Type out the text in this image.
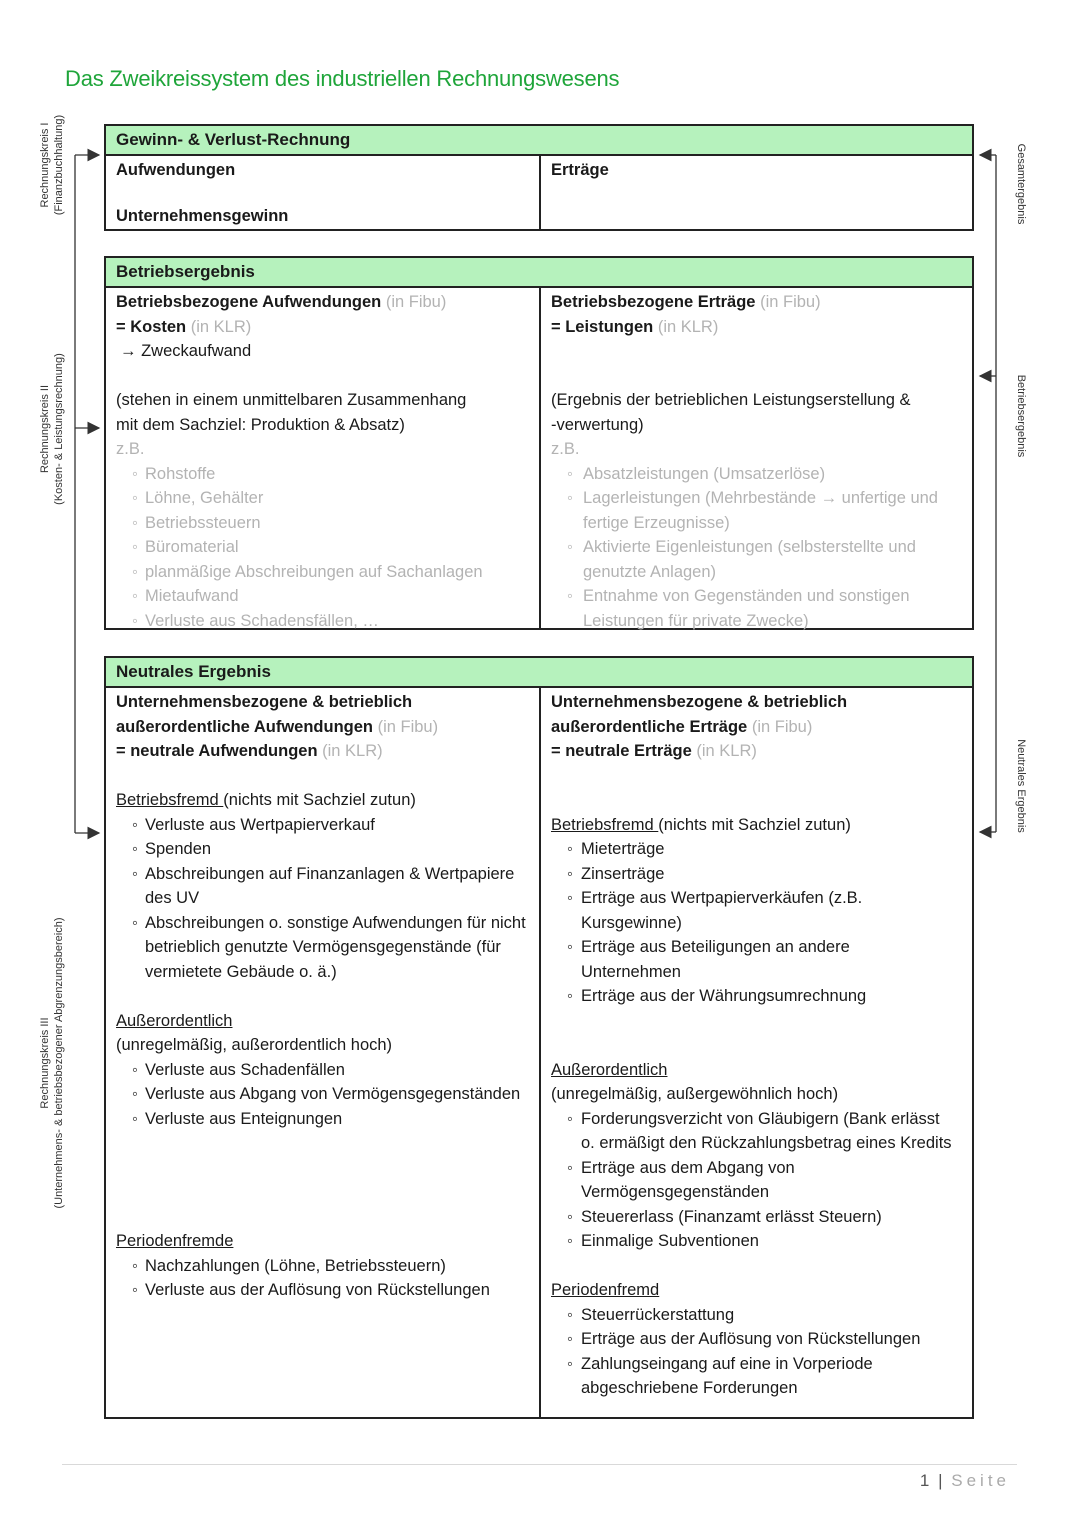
Das Zweikreissystem des industriellen Rechnungswesens
Rechnungskreis I (Finanzbuchhaltung)
Rechnungskreis II (Kosten- & Leistungsrechnung)
Rechnungskreis III (Unternehmens- & betriebsbezogener Abgrenzungsbereich)
Gesamtergebnis
Betriebsergebnis
Neutrales Ergebnis
Gewinn- & Verlust-Rechnung
Aufwendungen
Unternehmensgewinn
Erträge
Betriebsergebnis
Betriebsbezogene Aufwendungen (in Fibu)
= Kosten (in KLR)
→ Zweckaufwand
(stehen in einem unmittelbaren Zusammenhang
mit dem Sachziel: Produktion & Absatz)
z.B.
◦ Rohstoffe
◦ Löhne, Gehälter
◦ Betriebssteuern
◦ Büromaterial
◦ planmäßige Abschreibungen auf Sachanlagen
◦ Mietaufwand
◦ Verluste aus Schadensfällen, …
Betriebsbezogene Erträge (in Fibu)
= Leistungen (in KLR)
(Ergebnis der betrieblichen Leistungserstellung &
-verwertung)
z.B.
◦ Absatzleistungen (Umsatzerlöse)
◦ Lagerleistungen (Mehrbestände → unfertige und fertige Erzeugnisse)
◦ Aktivierte Eigenleistungen (selbsterstellte und genutzte Anlagen)
◦ Entnahme von Gegenständen und sonstigen Leistungen für private Zwecke)
Neutrales Ergebnis
Unternehmensbezogene & betrieblich
außerordentliche Aufwendungen (in Fibu)
= neutrale Aufwendungen (in KLR)
Betriebsfremd (nichts mit Sachziel zutun)
◦ Verluste aus Wertpapierverkauf
◦ Spenden
◦ Abschreibungen auf Finanzanlagen & Wertpapiere des UV
◦ Abschreibungen o. sonstige Aufwendungen für nicht betrieblich genutzte Vermögensgegenstände (für vermietete Gebäude o. ä.)
Außerordentlich
(unregelmäßig, außerordentlich hoch)
◦ Verluste aus Schadenfällen
◦ Verluste aus Abgang von Vermögensgegenständen
◦ Verluste aus Enteignungen
Periodenfremde
◦ Nachzahlungen (Löhne, Betriebssteuern)
◦ Verluste aus der Auflösung von Rückstellungen
Unternehmensbezogene & betrieblich
außerordentliche Erträge (in Fibu)
= neutrale Erträge (in KLR)
Betriebsfremd (nichts mit Sachziel zutun)
◦ Mieterträge
◦ Zinserträge
◦ Erträge aus Wertpapierverkäufen (z.B. Kursgewinne)
◦ Erträge aus Beteiligungen an andere Unternehmen
◦ Erträge aus der Währungsumrechnung
Außerordentlich
(unregelmäßig, außergewöhnlich hoch)
◦ Forderungsverzicht von Gläubigern (Bank erlässt o. ermäßigt den Rückzahlungsbetrag eines Kredits
◦ Erträge aus dem Abgang von Vermögensgegenständen
◦ Steuererlass (Finanzamt erlässt Steuern)
◦ Einmalige Subventionen
Periodenfremd
◦ Steuerrückerstattung
◦ Erträge aus der Auflösung von Rückstellungen
◦ Zahlungseingang auf eine in Vorperiode abgeschriebene Forderungen
1 | Seite
